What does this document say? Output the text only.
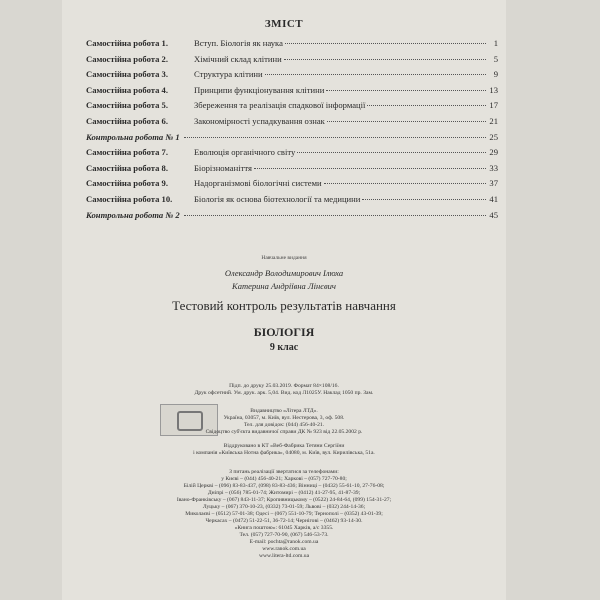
ЗМІСТ
Самостійна робота 1.	Вступ. Біологія як наука	1
Самостійна робота 2.	Хімічний склад клітини	5
Самостійна робота 3.	Структура клітини	9
Самостійна робота 4.	Принципи функціонування клітини	13
Самостійна робота 5.	Збереження та реалізація спадкової інформації	17
Самостійна робота 6.	Закономірності успадкування ознак	21
Контрольна робота № 1	25
Самостійна робота 7.	Еволюція органічного світу	29
Самостійна робота 8.	Біорізноманіття	33
Самостійна робота 9.	Надорганізмові біологічні системи	37
Самостійна робота 10.	Біологія як основа біотехнології та медицини	41
Контрольна робота № 2	45
Навчальне видання
Олександр Володимирович Ілюха
Катерина Андріївна Лінєвич
Тестовий контроль результатів навчання
БІОЛОГІЯ
9 клас
Підп. до друку 25.03.2019. Формат 84×108/16.
Друк офсетний. Ум. друк. арк. 5,04. Вид. код Л1025У. Наклад 1050 пр. Зам.
Видавництво «Літера ЛТД».
Україна, 03057, м. Київ, вул. Нестерова, 3, оф. 508.
Тел. для довідок: (044) 456-40-21.
Свідоцтво суб'єкта видавничої справи ДК № 923 від 22.05.2002 р.
Віддруковано в КТ «Веб-Фабрика Тетяни Сергіїни
і компанія «Київська Нотна фабрика», 04080, м. Київ, вул. Кирилівська, 51а.
З питань реалізації звертатися за телефонами:
у Києві – (044) 456-40-21; Харкові – (057) 727-70-80;
Білій Церкві – (096) 83-83-437, (098) 83-83-436; Вінниці – (0432) 55-61-10, 27-76-08;
Дніпрі – (056) 785-01-74; Житомирі – (0412) 41-27-95, 41-87-39;
Івано-Франківську – (067) 843-11-37; Кропивницькому – (0522) 24-84-64, (099) 154-31-27;
Луцьку – (067) 370-10-23, (0332) 73-01-59; Львові – (032) 244-14-36;
Миколаєві – (0512) 57-01-38; Одесі – (067) 551-10-79; Тернополі – (0352) 43-01-39;
Черкасах – (0472) 51-22-51, 36-72-14; Чернігові – (0462) 93-14-30.
«Книга поштою»: 61045 Харків, а/с 3355.
Тел. (057) 727-70-90, (067) 546-53-73.
E-mail: pochta@ranok.com.ua
www.ranok.com.ua
www.litera-ltd.com.ua
